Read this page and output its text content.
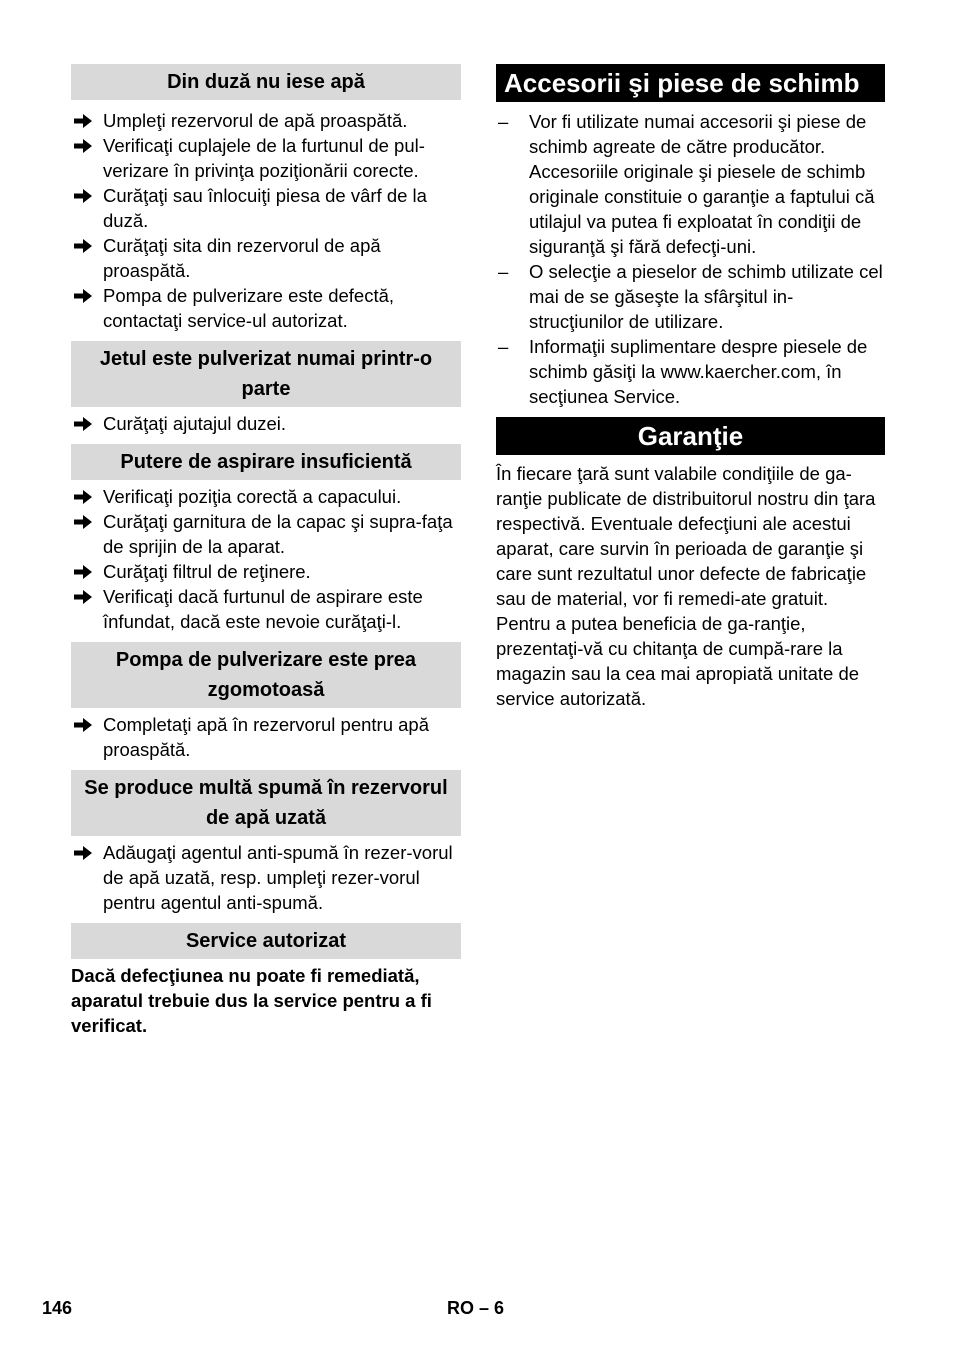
Din duză nu iese apă
Umpleţi rezervorul de apă proaspătă.
Verificaţi cuplajele de la furtunul de pul-verizare în privinţa poziţionării corecte.
Curăţaţi sau înlocuiţi piesa de vârf de la duză.
Curăţaţi sita din rezervorul de apă proaspătă.
Pompa de pulverizare este defectă, contactaţi service-ul autorizat.
Jetul este pulverizat numai printr-o parte
Curăţaţi ajutajul duzei.
Putere de aspirare insuficientă
Verificaţi poziţia corectă a capacului.
Curăţaţi garnitura de la capac şi supra-faţa de sprijin de la aparat.
Curăţaţi filtrul de reţinere.
Verificaţi dacă furtunul de aspirare este înfundat, dacă este nevoie curăţaţi-l.
Pompa de pulverizare este prea zgomotoasă
Completaţi apă în rezervorul pentru apă proaspătă.
Se produce multă spumă în rezervorul de apă uzată
Adăugaţi agentul anti-spumă în rezer-vorul de apă uzată, resp. umpleţi rezer-vorul pentru agentul anti-spumă.
Service autorizat

Dacă defecţiunea nu poate fi remediată, aparatul trebuie dus la service pentru a fi verificat.

Accesorii şi piese de schimb
– Vor fi utilizate numai accesorii şi piese de schimb agreate de către producător. Accesoriile originale şi piesele de schimb originale constituie o garanţie a faptului că utilajul va putea fi exploatat în condiţii de siguranţă şi fără defecţi-uni.
– O selecţie a pieselor de schimb utilizate cel mai de se găseşte la sfârşitul in-strucţiunilor de utilizare.
– Informaţii suplimentare despre piesele de schimb găsiţi la www.kaercher.com, în secţiunea Service.
Garanţie

În fiecare ţară sunt valabile condiţiile de ga-ranţie publicate de distribuitorul nostru din ţara respectivă. Eventuale defecţiuni ale acestui aparat, care survin în perioada de garanţie şi care sunt rezultatul unor defecte de fabricaţie sau de material, vor fi remedi-ate gratuit. Pentru a putea beneficia de ga-ranţie, prezentaţi-vă cu chitanţa de cumpă-rare la magazin sau la cea mai apropiată unitate de service autorizată.

146	RO – 6
